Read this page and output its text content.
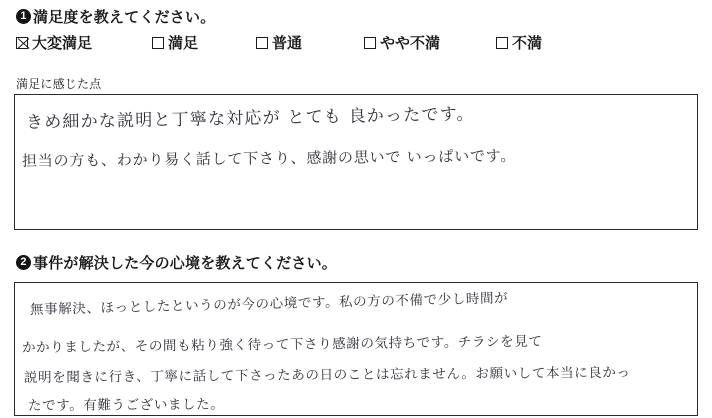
1 満足度を教えてください。
大変満足	満足	普通	やや不満	不満
満足に感じた点
きめ細かな説明と丁寧な対応が とても 良かったです。
担当の方も、わかり易く話して下さり、感謝の思いで いっぱいです。
2 事件が解決した今の心境を教えてください。
無事解決、ほっとしたというのが今の心境です。私の方の不備で少し時間が
かかりましたが、その間も粘り強く待って下さり感謝の気持ちです。チラシを見て
説明を聞きに行き、丁寧に話して下さったあの日のことは忘れません。お願いして本当に良かっ
たです。有難うございました。
